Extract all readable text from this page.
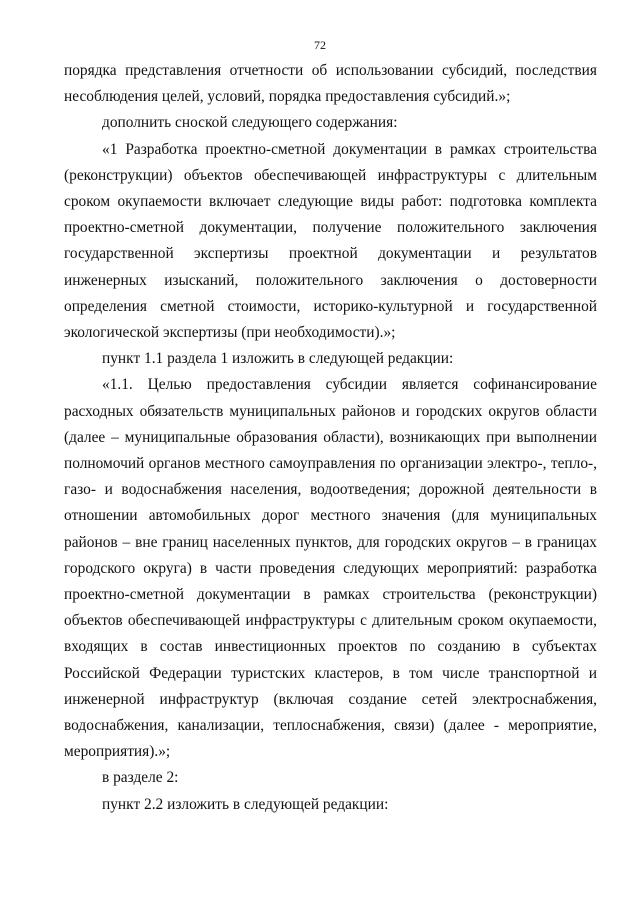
72

порядка представления отчетности об использовании субсидий, последствия несоблюдения целей, условий, порядка предоставления субсидий.»;

дополнить сноской следующего содержания:

«1 Разработка проектно-сметной документации в рамках строительства (реконструкции) объектов обеспечивающей инфраструктуры с длительным сроком окупаемости включает следующие виды работ: подготовка комплекта проектно-сметной документации, получение положительного заключения государственной экспертизы проектной документации и результатов инженерных изысканий, положительного заключения о достоверности определения сметной стоимости, историко-культурной и государственной экологической экспертизы (при необходимости).»;

пункт 1.1 раздела 1 изложить в следующей редакции:

«1.1. Целью предоставления субсидии является софинансирование расходных обязательств муниципальных районов и городских округов области (далее – муниципальные образования области), возникающих при выполнении полномочий органов местного самоуправления по организации электро-, тепло-, газо- и водоснабжения населения, водоотведения; дорожной деятельности в отношении автомобильных дорог местного значения (для муниципальных районов – вне границ населенных пунктов, для городских округов – в границах городского округа) в части проведения следующих мероприятий: разработка проектно-сметной документации в рамках строительства (реконструкции) объектов обеспечивающей инфраструктуры с длительным сроком окупаемости, входящих в состав инвестиционных проектов по созданию в субъектах Российской Федерации туристских кластеров, в том числе транспортной и инженерной инфраструктур (включая создание сетей электроснабжения, водоснабжения, канализации, теплоснабжения, связи) (далее - мероприятие, мероприятия).»;

в разделе 2:

пункт 2.2 изложить в следующей редакции:
